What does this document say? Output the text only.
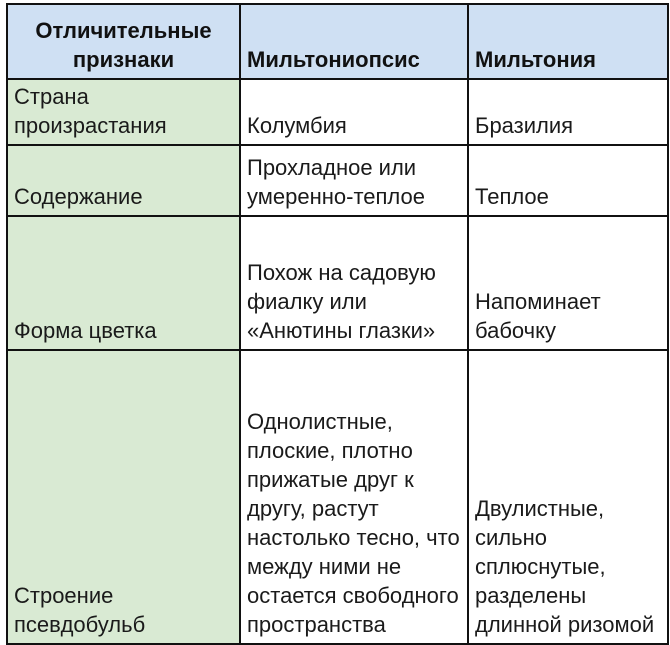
Отличительные признаки	Мильтониопсис	Мильтония
Страна произрастания	Колумбия	Бразилия
Содержание	Прохладное или умеренно-теплое	Теплое
Форма цветка	Похож на садовую фиалку или «Анютины глазки»	Напоминает бабочку
Строение псевдобульб	Однолистные, плоские, плотно прижатые друг к другу, растут настолько тесно, что между ними не остается свободного пространства	Двулистные, сильно сплюснутые, разделены длинной ризомой
